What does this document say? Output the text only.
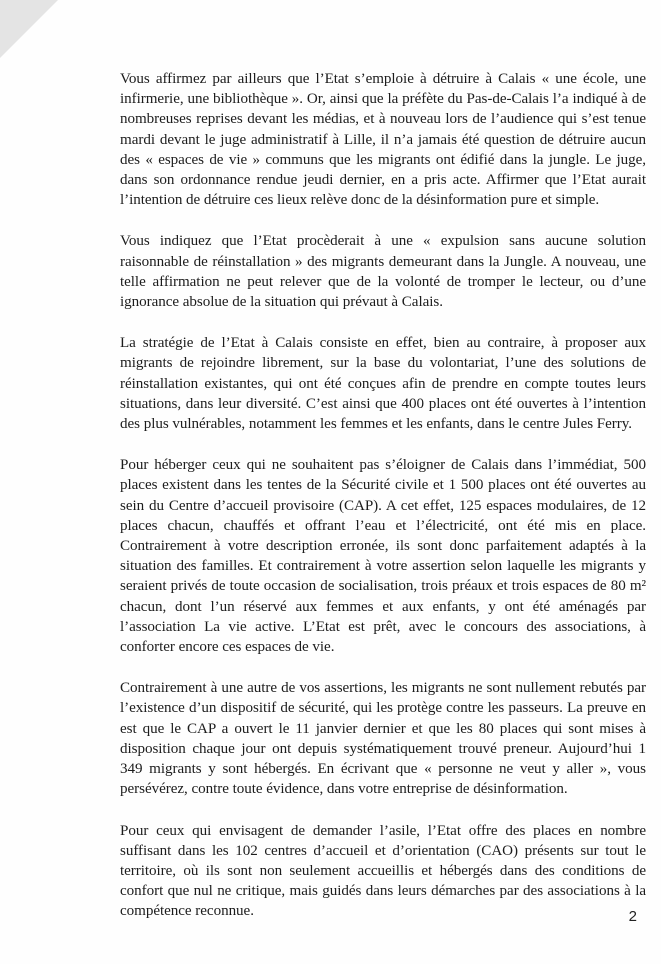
Vous affirmez par ailleurs que l’Etat s’emploie à détruire à Calais « une école, une infirmerie, une bibliothèque ». Or, ainsi que la préfète du Pas-de-Calais l’a indiqué à de nombreuses reprises devant les médias, et à nouveau lors de l’audience qui s’est tenue mardi devant le juge administratif à Lille, il n’a jamais été question de détruire aucun des « espaces de vie » communs que les migrants ont édifié dans la jungle. Le juge, dans son ordonnance rendue jeudi dernier, en a pris acte. Affirmer que l’Etat aurait l’intention de détruire ces lieux relève donc de la désinformation pure et simple.

Vous indiquez que l’Etat procèderait à une « expulsion sans aucune solution raisonnable de réinstallation » des migrants demeurant dans la Jungle. A nouveau, une telle affirmation ne peut relever que de la volonté de tromper le lecteur, ou d’une ignorance absolue de la situation qui prévaut à Calais.

La stratégie de l’Etat à Calais consiste en effet, bien au contraire, à proposer aux migrants de rejoindre librement, sur la base du volontariat, l’une des solutions de réinstallation existantes, qui ont été conçues afin de prendre en compte toutes leurs situations, dans leur diversité. C’est ainsi que 400 places ont été ouvertes à l’intention des plus vulnérables, notamment les femmes et les enfants, dans le centre Jules Ferry.

Pour héberger ceux qui ne souhaitent pas s’éloigner de Calais dans l’immédiat, 500 places existent dans les tentes de la Sécurité civile et 1 500 places ont été ouvertes au sein du Centre d’accueil provisoire (CAP). A cet effet, 125 espaces modulaires, de 12 places chacun, chauffés et offrant l’eau et l’électricité, ont été mis en place. Contrairement à votre description erronée, ils sont donc parfaitement adaptés à la situation des familles. Et contrairement à votre assertion selon laquelle les migrants y seraient privés de toute occasion de socialisation, trois préaux et trois espaces de 80 m² chacun, dont l’un réservé aux femmes et aux enfants, y ont été aménagés par l’association La vie active. L’Etat est prêt, avec le concours des associations, à conforter encore ces espaces de vie.

Contrairement à une autre de vos assertions, les migrants ne sont nullement rebutés par l’existence d’un dispositif de sécurité, qui les protège contre les passeurs. La preuve en est que le CAP a ouvert le 11 janvier dernier et que les 80 places qui sont mises à disposition chaque jour ont depuis systématiquement trouvé preneur. Aujourd’hui 1 349 migrants y sont hébergés. En écrivant que « personne ne veut y aller », vous persévérez, contre toute évidence, dans votre entreprise de désinformation.

Pour ceux qui envisagent de demander l’asile, l’Etat offre des places en nombre suffisant dans les 102 centres d’accueil et d’orientation (CAO) présents sur tout le territoire, où ils sont non seulement accueillis et hébergés dans des conditions de confort que nul ne critique, mais guidés dans leurs démarches par des associations à la compétence reconnue.	2
